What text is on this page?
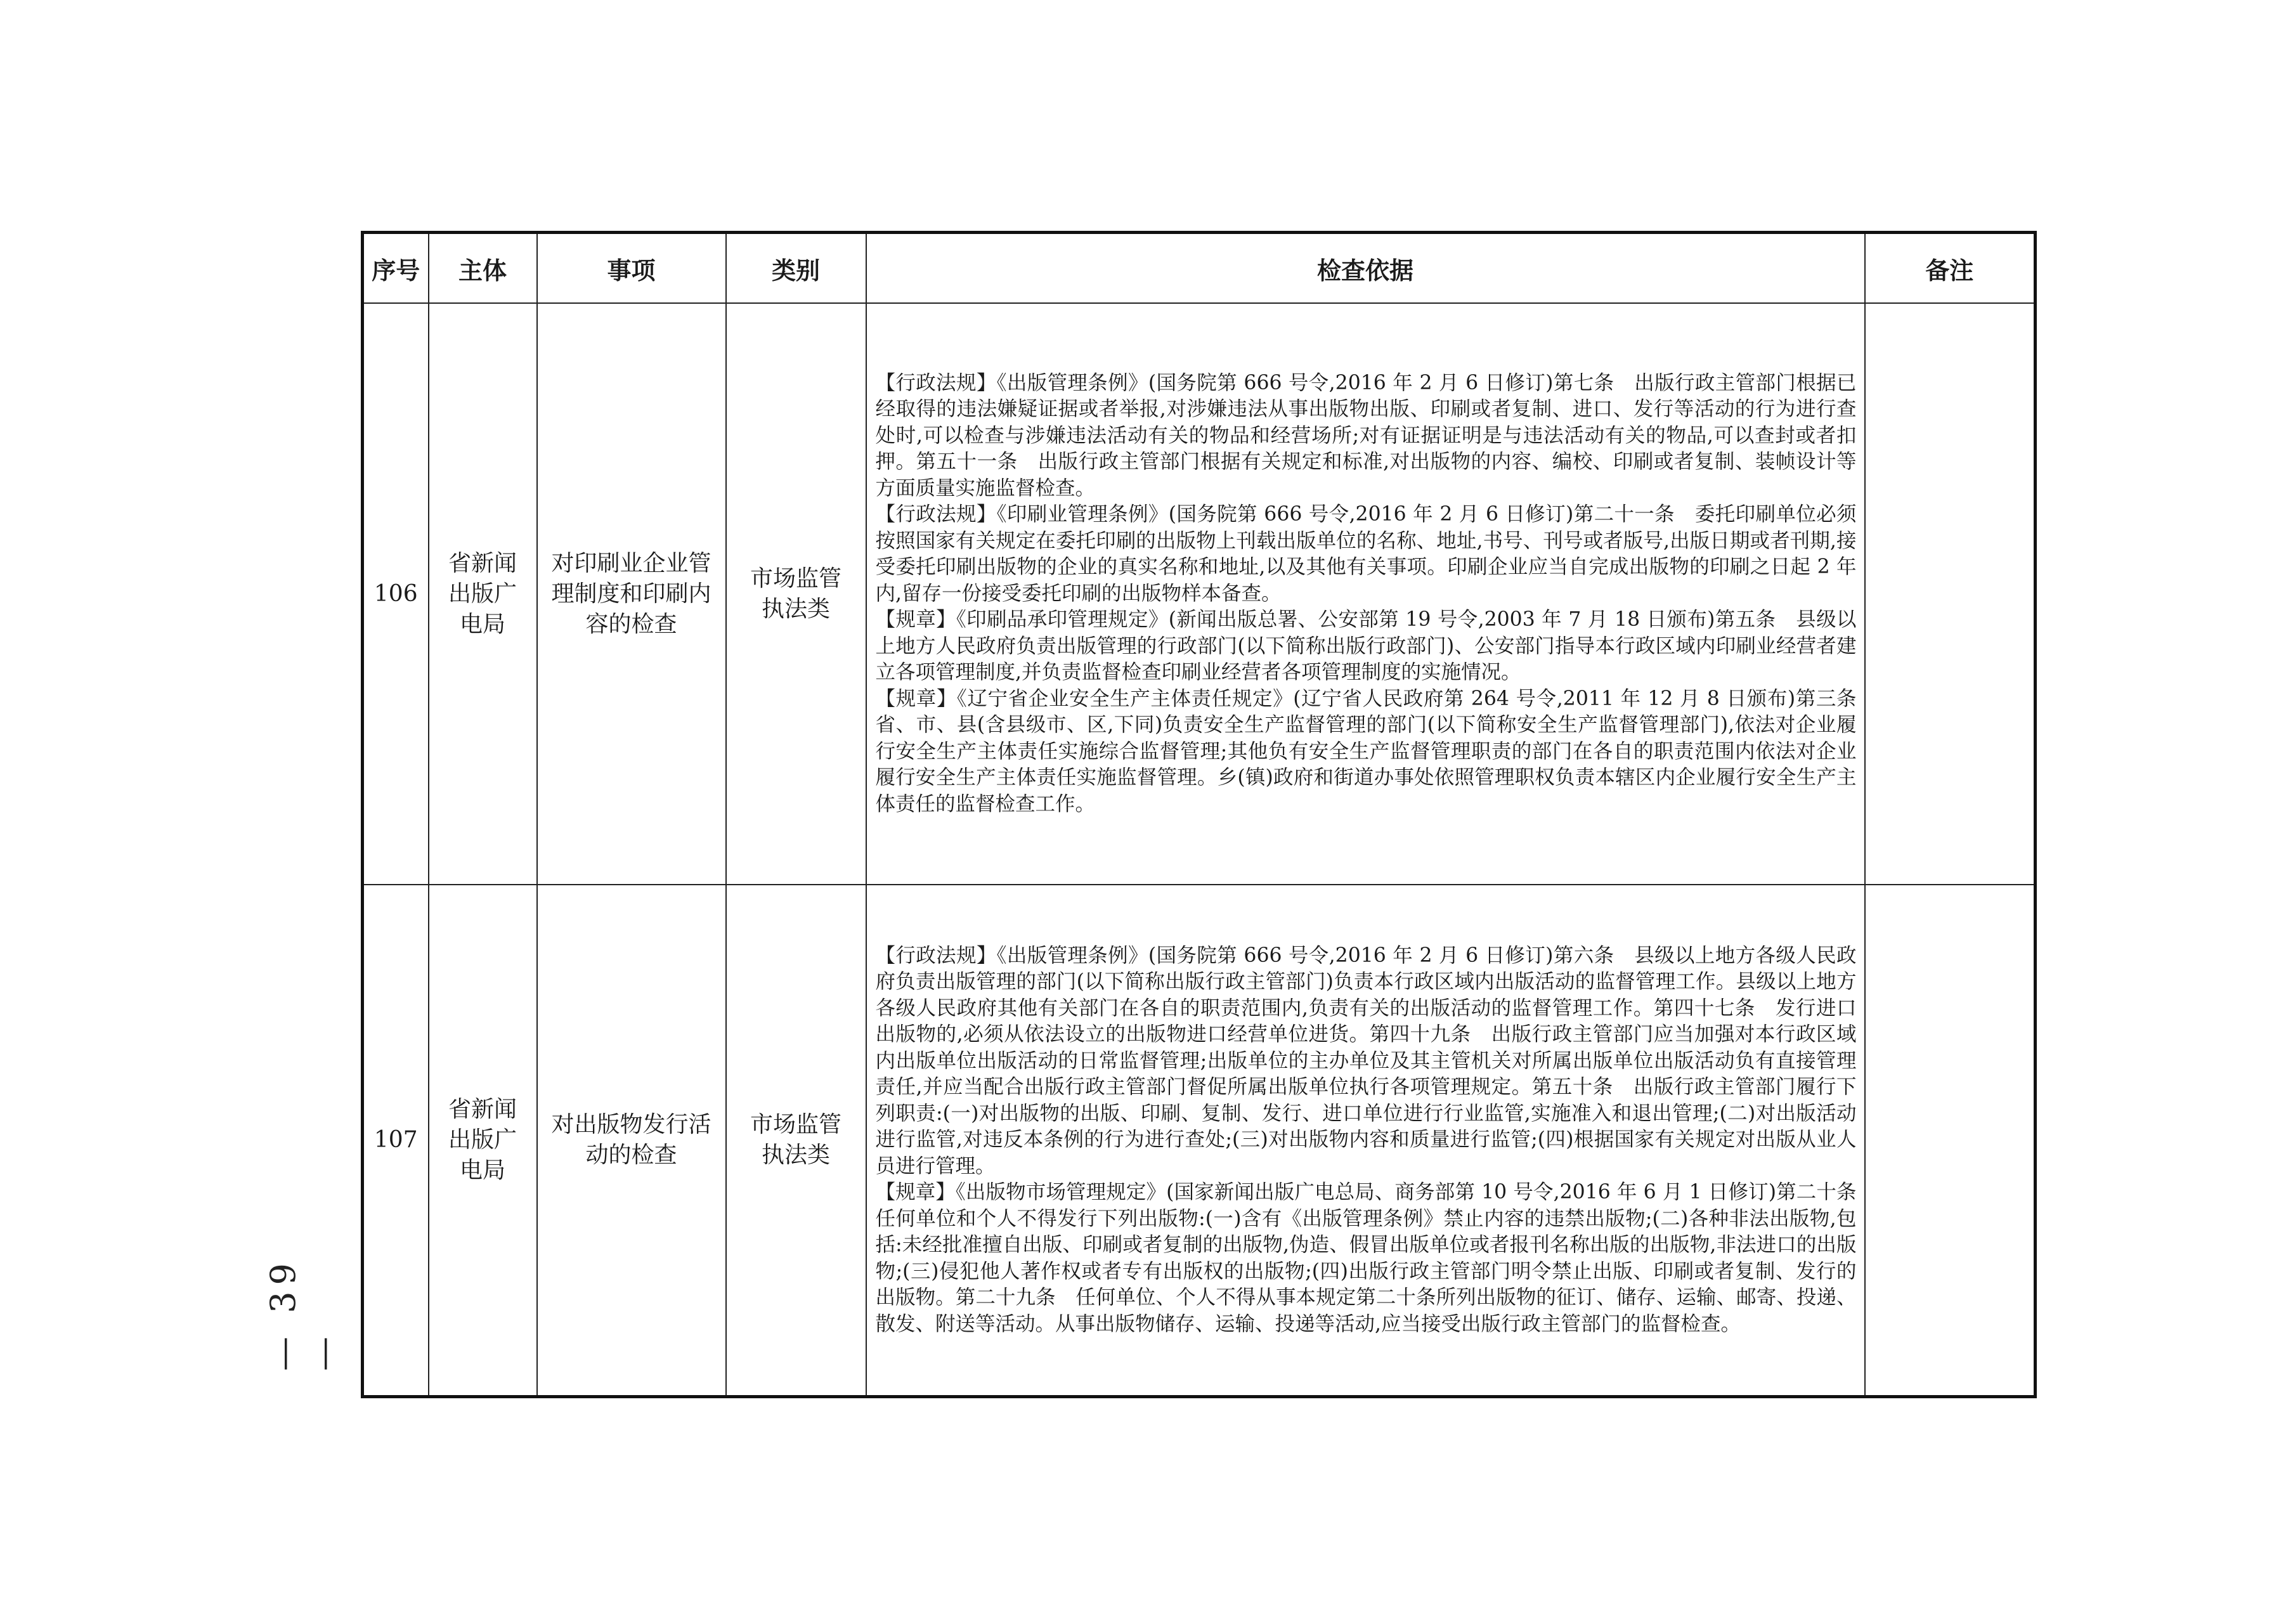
序号	主体	事项	类别	检查依据	备注
106	省新闻出版广电局	对印刷业企业管理制度和印刷内容的检查	市场监管执法类	【行政法规】《出版管理条例》(国务院第 666 号令,2016 年 2 月 6 日修订)第七条　出版行政主管部门根据已经取得的违法嫌疑证据或者举报,对涉嫌违法从事出版物出版、印刷或者复制、进口、发行等活动的行为进行查处时,可以检查与涉嫌违法活动有关的物品和经营场所;对有证据证明是与违法活动有关的物品,可以查封或者扣押。第五十一条　出版行政主管部门根据有关规定和标准,对出版物的内容、编校、印刷或者复制、装帧设计等方面质量实施监督检查。

【行政法规】《印刷业管理条例》(国务院第 666 号令,2016 年 2 月 6 日修订)第二十一条　委托印刷单位必须按照国家有关规定在委托印刷的出版物上刊载出版单位的名称、地址,书号、刊号或者版号,出版日期或者刊期,接受委托印刷出版物的企业的真实名称和地址,以及其他有关事项。印刷企业应当自完成出版物的印刷之日起 2 年内,留存一份接受委托印刷的出版物样本备查。

【规章】《印刷品承印管理规定》(新闻出版总署、公安部第 19 号令,2003 年 7 月 18 日颁布)第五条　县级以上地方人民政府负责出版管理的行政部门(以下简称出版行政部门)、公安部门指导本行政区域内印刷业经营者建立各项管理制度,并负责监督检查印刷业经营者各项管理制度的实施情况。

【规章】《辽宁省企业安全生产主体责任规定》(辽宁省人民政府第 264 号令,2011 年 12 月 8 日颁布)第三条　省、市、县(含县级市、区,下同)负责安全生产监督管理的部门(以下简称安全生产监督管理部门),依法对企业履行安全生产主体责任实施综合监督管理;其他负有安全生产监督管理职责的部门在各自的职责范围内依法对企业履行安全生产主体责任实施监督管理。乡(镇)政府和街道办事处依照管理职权负责本辖区内企业履行安全生产主体责任的监督检查工作。	

107	省新闻出版广电局	对出版物发行活动的检查	市场监管执法类	【行政法规】《出版管理条例》(国务院第 666 号令,2016 年 2 月 6 日修订)第六条　县级以上地方各级人民政府负责出版管理的部门(以下简称出版行政主管部门)负责本行政区域内出版活动的监督管理工作。县级以上地方各级人民政府其他有关部门在各自的职责范围内,负责有关的出版活动的监督管理工作。第四十七条　发行进口出版物的,必须从依法设立的出版物进口经营单位进货。第四十九条　出版行政主管部门应当加强对本行政区域内出版单位出版活动的日常监督管理;出版单位的主办单位及其主管机关对所属出版单位出版活动负有直接管理责任,并应当配合出版行政主管部门督促所属出版单位执行各项管理规定。第五十条　出版行政主管部门履行下列职责:(一)对出版物的出版、印刷、复制、发行、进口单位进行行业监管,实施准入和退出管理;(二)对出版活动进行监管,对违反本条例的行为进行查处;(三)对出版物内容和质量进行监管;(四)根据国家有关规定对出版从业人员进行管理。

【规章】《出版物市场管理规定》(国家新闻出版广电总局、商务部第 10 号令,2016 年 6 月 1 日修订)第二十条　任何单位和个人不得发行下列出版物:(一)含有《出版管理条例》禁止内容的违禁出版物;(二)各种非法出版物,包括:未经批准擅自出版、印刷或者复制的出版物,伪造、假冒出版单位或者报刊名称出版的出版物,非法进口的出版物;(三)侵犯他人著作权或者专有出版权的出版物;(四)出版行政主管部门明令禁止出版、印刷或者复制、发行的出版物。第二十九条　任何单位、个人不得从事本规定第二十条所列出版物的征订、储存、运输、邮寄、投递、散发、附送等活动。从事出版物储存、运输、投递等活动,应当接受出版行政主管部门的监督检查。	

— 39 —
